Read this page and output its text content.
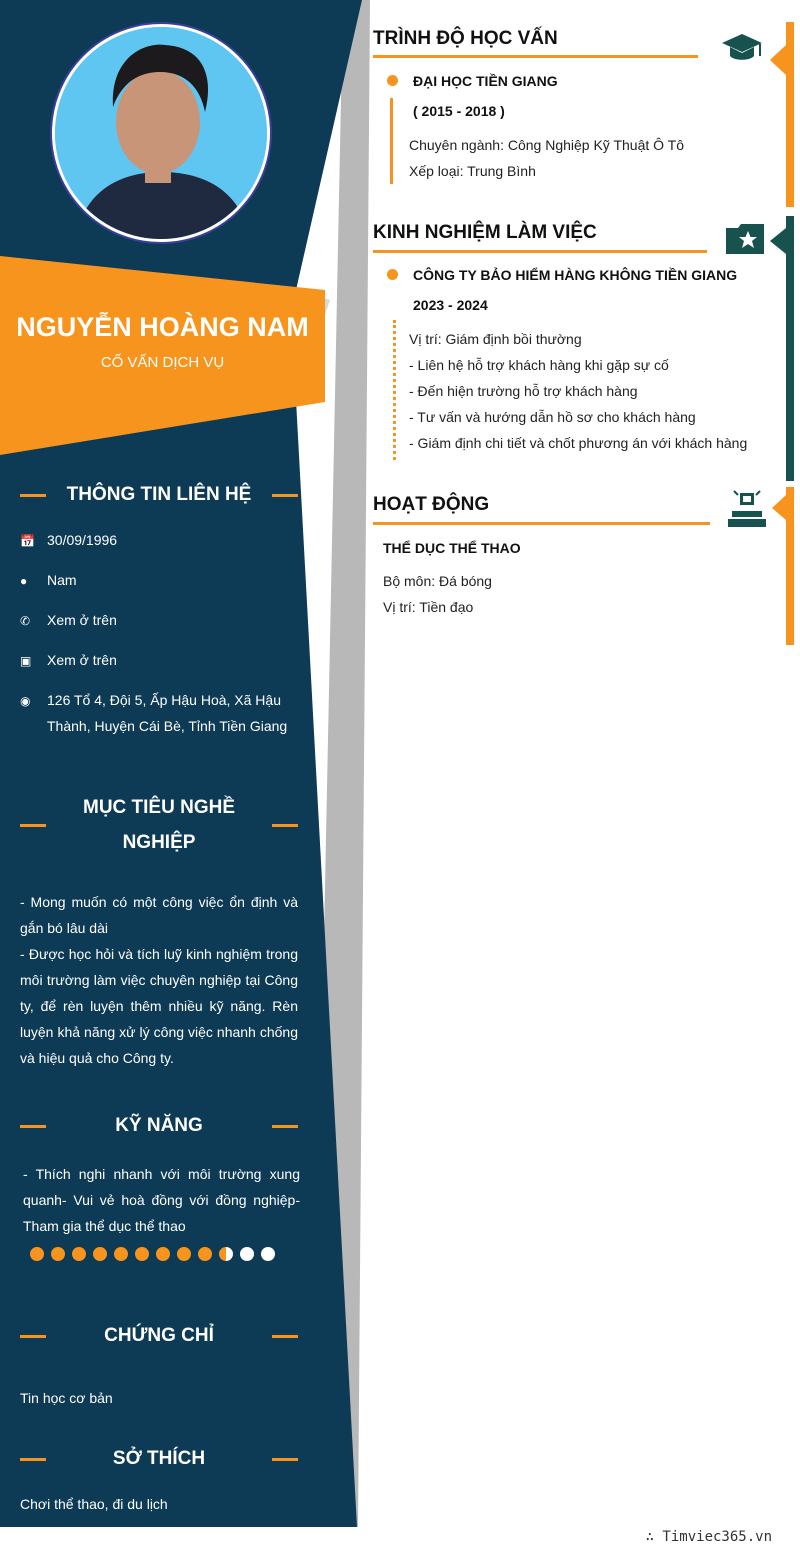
NGUYỄN HOÀNG NAM
CỐ VẤN DỊCH VỤ
THÔNG TIN LIÊN HỆ
📅 30/09/1996
●	Nam
✆	Xem ở trên
▣	Xem ở trên
◉	126 Tổ 4, Đội 5, Ấp Hậu Hoà, Xã Hậu Thành, Huyện Cái Bè, Tỉnh Tiền Giang
MỤC TIÊU NGHỀ
NGHIỆP
- Mong muốn có một công việc ổn định và gắn bó lâu dài
- Được học hỏi và tích luỹ kinh nghiệm trong môi trường làm việc chuyên nghiệp tại Công ty, để rèn luyện thêm nhiều kỹ năng. Rèn luyện khả năng xử lý công việc nhanh chống và hiệu quả cho Công ty.
KỸ NĂNG
- Thích nghi nhanh với môi trường xung quanh- Vui vẻ hoà đồng với đồng nghiệp- Tham gia thể dục thể thao
CHỨNG CHỈ
Tin học cơ bản
SỞ THÍCH
Chơi thể thao, đi du lịch
TRÌNH ĐỘ HỌC VẤN
ĐẠI HỌC TIỀN GIANG
( 2015 - 2018 )
Chuyên ngành: Công Nghiệp Kỹ Thuật Ô Tô
Xếp loại: Trung Bình
KINH NGHIỆM LÀM VIỆC
CÔNG TY BẢO HIỂM HÀNG KHÔNG TIỀN GIANG
2023 - 2024
Vị trí: Giám định bồi thường
- Liên hệ hỗ trợ khách hàng khi gặp sự cố
- Đến hiện trường hỗ trợ khách hàng
- Tư vấn và hướng dẫn hồ sơ cho khách hàng
- Giám định chi tiết và chốt phương án với khách hàng
HOẠT ĐỘNG
THỂ DỤC THỂ THAO
Bộ môn: Đá bóng
Vị trí: Tiền đạo
∴ Timviec365.vn
